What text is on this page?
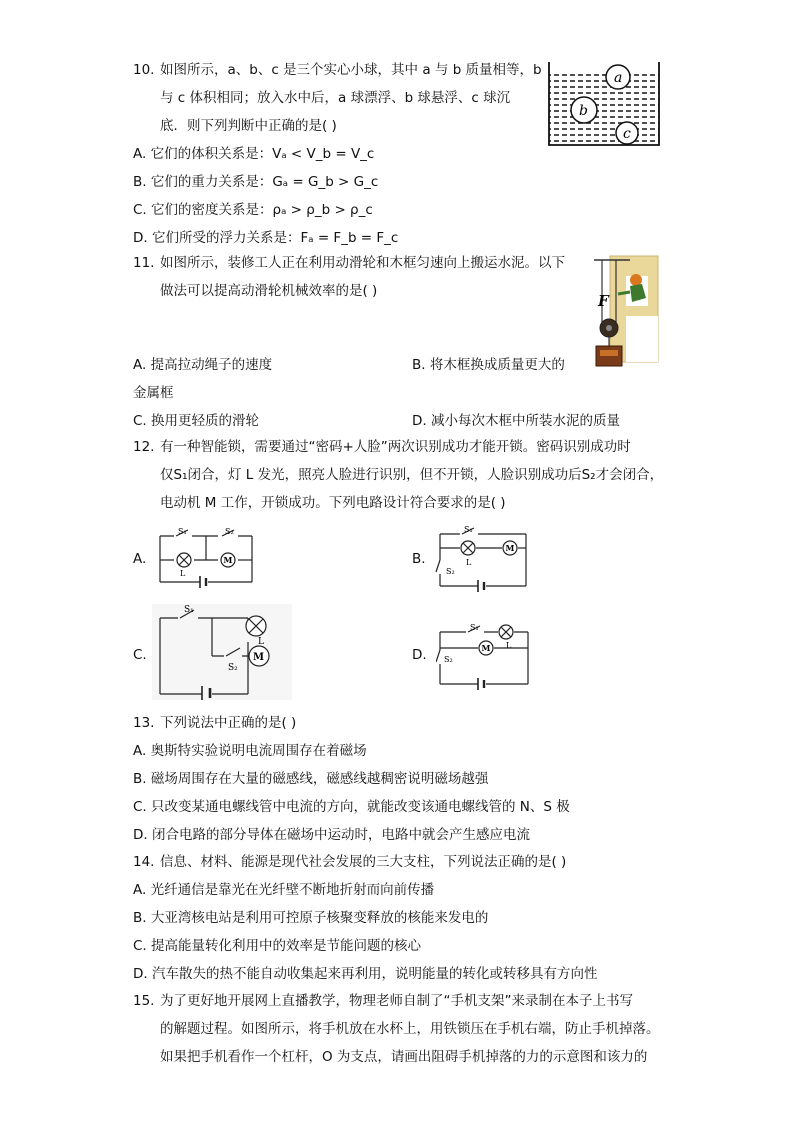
10. 如图所示，a、b、c 是三个实心小球，其中 a 与 b 质量相等，b
与 c 体积相同；放入水中后，a 球漂浮、b 球悬浮、c 球沉
底．则下列判断中正确的是( )
A. 它们的体积关系是：Vₐ < V_b = V_c
B. 它们的重力关系是：Gₐ = G_b > G_c
C. 它们的密度关系是：ρₐ > ρ_b > ρ_c
D. 它们所受的浮力关系是：Fₐ = F_b = F_c
a
b
c
11. 如图所示，装修工人正在利用动滑轮和木框匀速向上搬运水泥。以下
做法可以提高动滑轮机械效率的是( )
A. 提高拉动绳子的速度	B. 将木框换成质量更大的
金属框
C. 换用更轻质的滑轮	D. 减小每次木框中所装水泥的质量
F
12. 有一种智能锁，需要通过“密码+人脸”两次识别成功才能开锁。密码识别成功时
仅S₁闭合，灯 L 发光，照亮人脸进行识别，但不开锁，人脸识别成功后S₂才会闭合，
电动机 M 工作，开锁成功。下列电路设计符合要求的是( )
A.
S₁	S₂
M
L
B.
S₁
S₂
M
L
C.
S₁
S₂
M
L
D.
S₁
S₂
M L
13. 下列说法中正确的是( )
A. 奥斯特实验说明电流周围存在着磁场
B. 磁场周围存在大量的磁感线，磁感线越稠密说明磁场越强
C. 只改变某通电螺线管中电流的方向，就能改变该通电螺线管的 N、S 极
D. 闭合电路的部分导体在磁场中运动时，电路中就会产生感应电流
14. 信息、材料、能源是现代社会发展的三大支柱，下列说法正确的是( )
A. 光纤通信是靠光在光纤壁不断地折射而向前传播
B. 大亚湾核电站是利用可控原子核聚变释放的核能来发电的
C. 提高能量转化利用中的效率是节能问题的核心
D. 汽车散失的热不能自动收集起来再利用，说明能量的转化或转移具有方向性
15. 为了更好地开展网上直播教学，物理老师自制了“手机支架”来录制在本子上书写
的解题过程。如图所示，将手机放在水杯上，用铁锁压在手机右端，防止手机掉落。
如果把手机看作一个杠杆，O 为支点，请画出阻碍手机掉落的力的示意图和该力的
